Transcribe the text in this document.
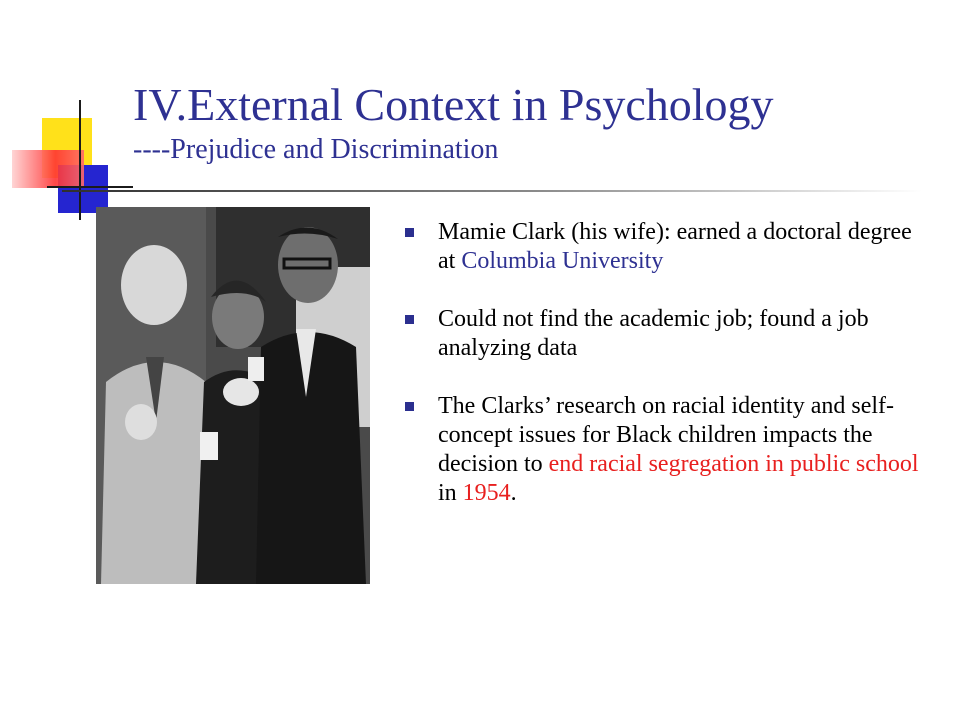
IV.External Context in Psychology
----Prejudice and Discrimination
Mamie Clark (his wife): earned a doctoral degree at Columbia University
Could not find the academic job; found a job analyzing data
The Clarks’ research on racial identity and self-concept issues for Black children impacts the decision to end racial segregation in public school in 1954.
